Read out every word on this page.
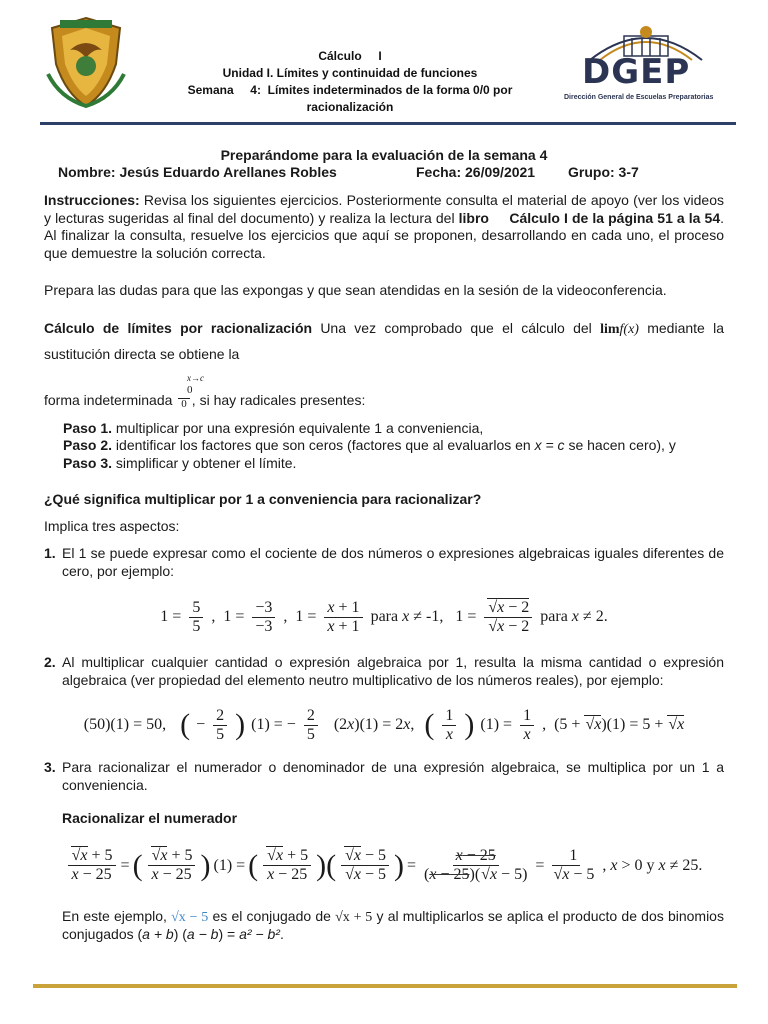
Cálculo     I
Unidad I. Límites y continuidad de funciones
Semana     4:  Límites indeterminados de la forma 0/0 por
racionalización
DGEP
Dirección General de Escuelas Preparatorias
Preparándome para la evaluación de la semana 4
Nombre: Jesús Eduardo Arellanes Robles	Fecha: 26/09/2021 Grupo: 3-7

Instrucciones: Revisa los siguientes ejercicios. Posteriormente consulta el material de apoyo (ver los videos y lecturas sugeridas al final del documento) y realiza la lectura del libro Cálculo I de la página 51 a la 54. Al finalizar la consulta, resuelve los ejercicios que aquí se proponen, desarrollando en cada uno, el proceso que demuestre la solución correcta.

Prepara las dudas para que las expongas y que sean atendidas en la sesión de la videoconferencia.

Cálculo de límites por racionalización Una vez comprobado que el cálculo del limf(x) mediante la sustitución directa se obtiene la

x→c
0

forma indeterminada 0 , si hay radicales presentes:

Paso 1. multiplicar por una expresión equivalente 1 a conveniencia,

Paso 2. identificar los factores que son ceros (factores que al evaluarlos en x = c se hacen cero), y

Paso 3. simplificar y obtener el límite.

¿Qué significa multiplicar por 1 a conveniencia para racionalizar?

Implica tres aspectos:

1. El 1 se puede expresar como el cociente de dos números o expresiones algebraicas iguales diferentes de cero, por ejemplo:
$1 = \frac{5}{5}$ ,  $1 = \frac{-3}{-3}$ ,  $1 = \frac{x + 1}{x + 1}$ para x ≠ -1,   $1 = \frac{√x - 2}{√x - 2}$ para x ≠ 2.
2. Al multiplicar cualquier cantidad o expresión algebraica por 1, resulta la misma cantidad o expresión algebraica (ver propiedad del elemento neutro multiplicativo de los números reales), por ejemplo:
(50)(1) = 50, ( − $\frac{2}{5}$ ) (1) = − $\frac{2}{5} (2x)(1) = 2x$, ( $\frac{1}{x}$ ) $(1) = \frac{1}{x}$ ,  (5 + √x)(1) = 5 + √x
3. Para racionalizar el numerador o denominador de una expresión algebraica, se multiplica por un 1 a conveniencia.

Racionalizar el numerador

$\frac{√x + 5}{x - 25}$ = ( $\frac{√x + 5}{x - 25}$ ) (1) = ( $\frac{√x + 5}{x - 25}$ )( $\frac{√x - 5}{√x - 5}$ ) = $\frac{x - 25}{(x - 25)(√x - 5)} = \frac{1}{√x - 5}$ , x > 0 y x ≠ 25.

En este ejemplo, √x − 5 es el conjugado de √x + 5 y al multiplicarlos se aplica el producto de dos binomios conjugados (a + b) (a − b) = a² − b².
